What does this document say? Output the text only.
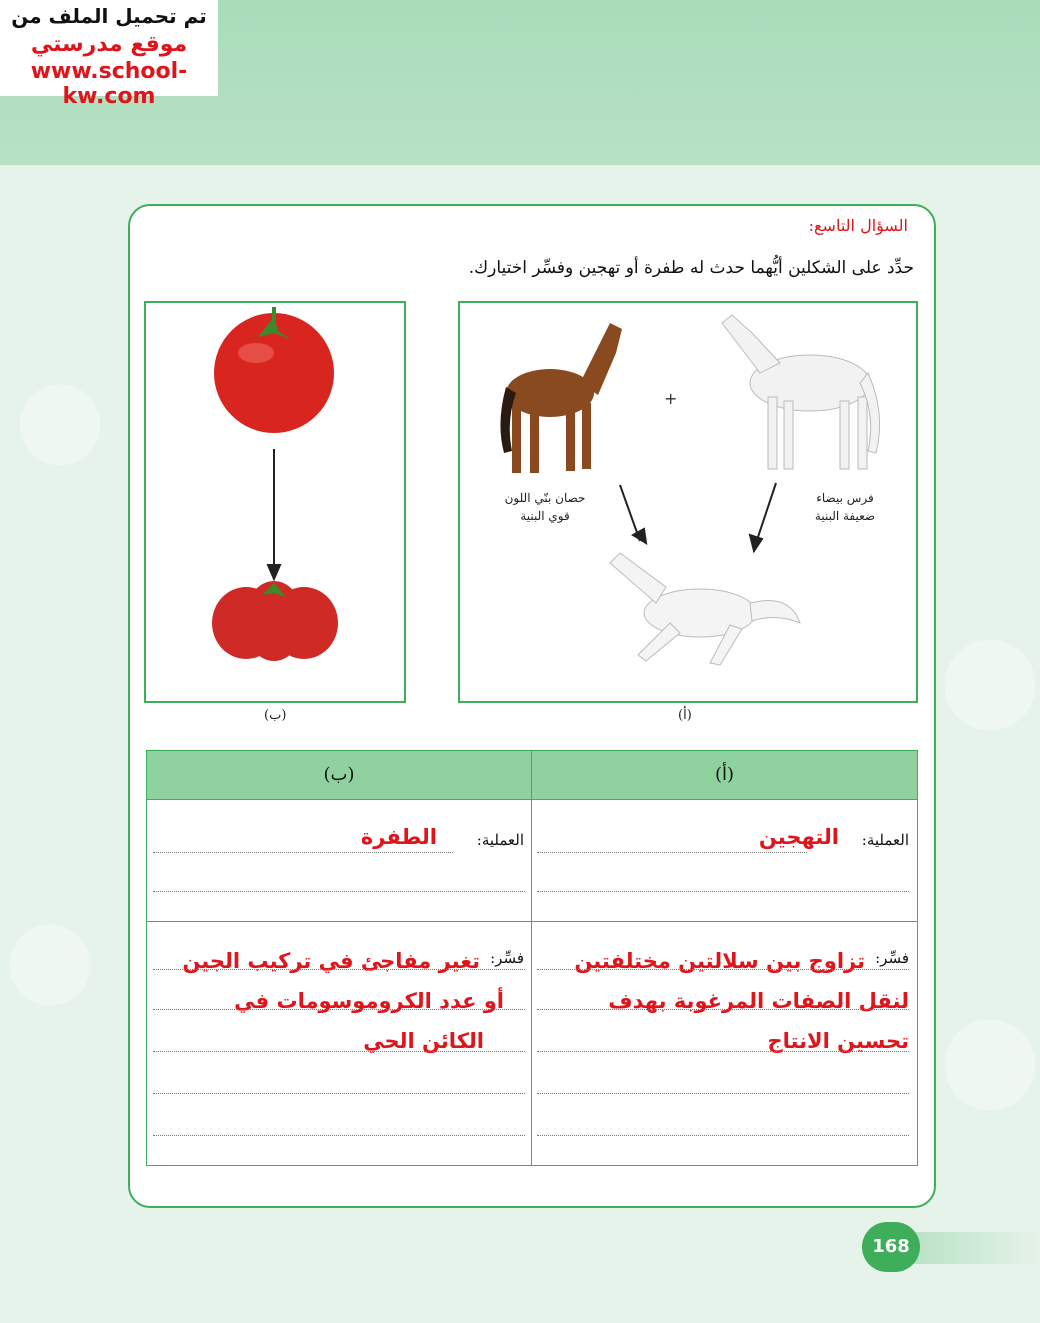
تم تحميل الملف من
موقع مدرستي
www.school-kw.com
السؤال التاسع:
حدِّد على الشكلين أيُّهما حدث له طفرة أو تهجين وفسِّر اختيارك.
+
حصان بنّي اللون
قوي البنية
فرس بيضاء
ضعيفة البنية
(أ)
(ب)
(أ)
(ب)
العملية:
التهجين
العملية:
الطفرة
فسِّر:
تزاوج بين سلالتين مختلفتين
لنقل الصفات المرغوبة بهدف
تحسين الانتاج
فسِّر:
تغير مفاجئ في تركيب الجين
أو عدد الكروموسومات في
الكائن الحي
168
